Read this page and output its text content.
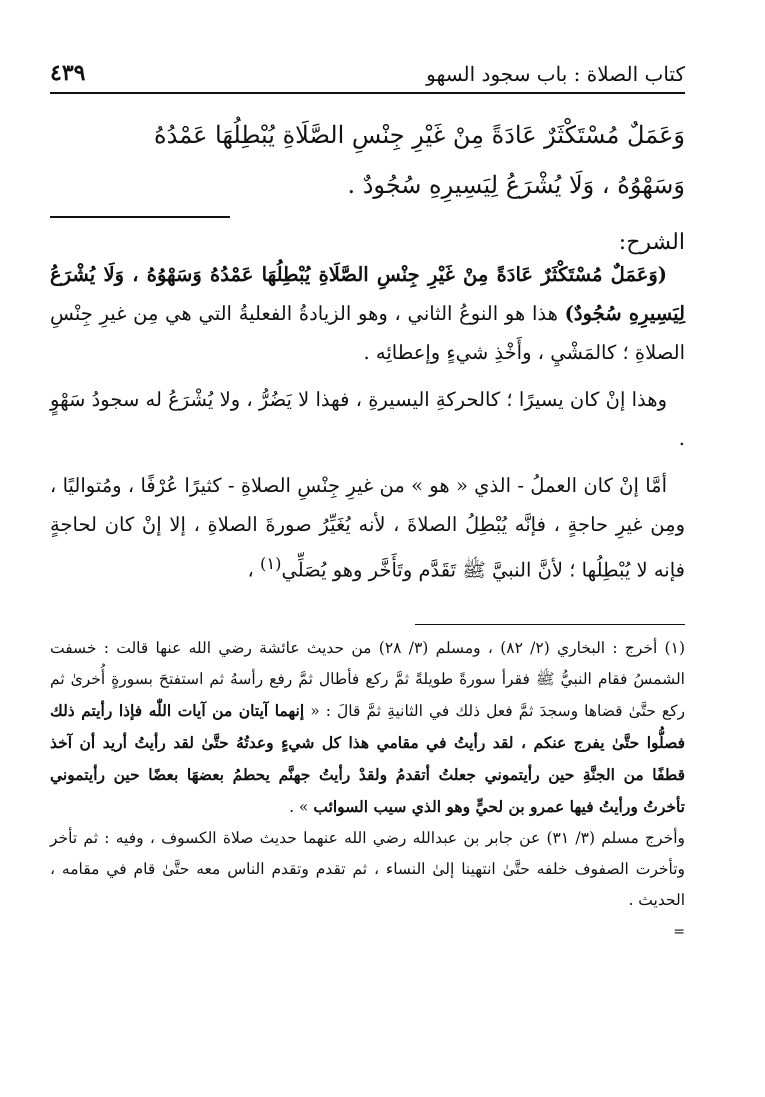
كتاب الصلاة : باب سجود السهو
٤٣٩
وَعَمَلٌ مُسْتَكْثَرٌ عَادَةً مِنْ غَيْرِ جِنْسِ الصَّلَاةِ يُبْطِلُهَا عَمْدُهُ
وَسَهْوُهُ ، وَلَا يُشْرَعُ لِيَسِيرِهِ سُجُودٌ .
الشرح:

(وَعَمَلٌ مُسْتَكْثَرٌ عَادَةً مِنْ غَيْرِ جِنْسِ الصَّلَاةِ يُبْطِلُهَا عَمْدُهُ وَسَهْوُهُ ، وَلَا يُشْرَعُ لِيَسِيرِهِ سُجُودٌ) هذا هو النوعُ الثاني ، وهو الزيادةُ الفعليةُ التي هي مِن غيرِ جِنْسِ الصلاةِ ؛ كالمَشْيِ ، وأَخْذِ شيءٍ وإعطائِه .

وهذا إنْ كان يسيرًا ؛ كالحركةِ اليسيرةِ ، فهذا لا يَضُرُّ ، ولا يُشْرَعُ له سجودُ سَهْوٍ .

أمَّا إنْ كان العملُ - الذي « هو » من غيرِ جِنْسِ الصلاةِ - كثيرًا عُرْفًا ، ومُتواليًا ، ومِن غيرِ حاجةٍ ، فإنَّه يُبْطِلُ الصلاةَ ، لأنه يُغَيِّرُ صورةَ الصلاةِ ، إلا إنْ كان لحاجةٍ فإنه لا يُبْطِلُها ؛ لأنَّ النبيَّ ﷺ تَقَدَّم وتَأَخَّر وهو يُصَلِّي$^{(١)}$ ،

(١) أخرج : البخاري (٢/ ٨٢) ، ومسلم (٣/ ٢٨) من حديث عائشة رضي الله عنها قالت : خسفت الشمسُ فقام النبيُّ ﷺ فقرأ سورةً طويلةً ثمَّ ركع فأطال ثمَّ رفع رأسهُ ثم استفتحَ بسورةٍ أُخرىٰ ثم ركع حتَّىٰ قضاها وسجدَ ثمَّ فعل ذلك في الثانيةِ ثمَّ قالَ : « إنهما آيتان من آيات اللّٰه فإذا رأيتم ذلك فصلُّوا حتَّىٰ يفرج عنكم ، لقد رأيتُ في مقامي هذا كل شيءٍ وعدتُهُ حتَّىٰ لقد رأيتُ أريد أن آخذ قطفًا من الجنَّةِ حين رأيتموني جعلتُ أتقدمُ ولقدْ رأيتُ جهنَّم يحطمُ بعضهَا بعضًا حين رأيتموني تأخرتُ ورأيتُ فيها عمرو بن لحيٍّ وهو الذي سيب السوائب » .

وأخرج مسلم (٣/ ٣١) عن جابر بن عبدالله رضي الله عنهما حديث صلاة الكسوف ، وفيه : ثم تأخر وتأخرت الصفوف خلفه حتَّىٰ انتهينا إلىٰ النساء ، ثم تقدم وتقدم الناس معه حتَّىٰ قام في مقامه ، الحديث .

=
